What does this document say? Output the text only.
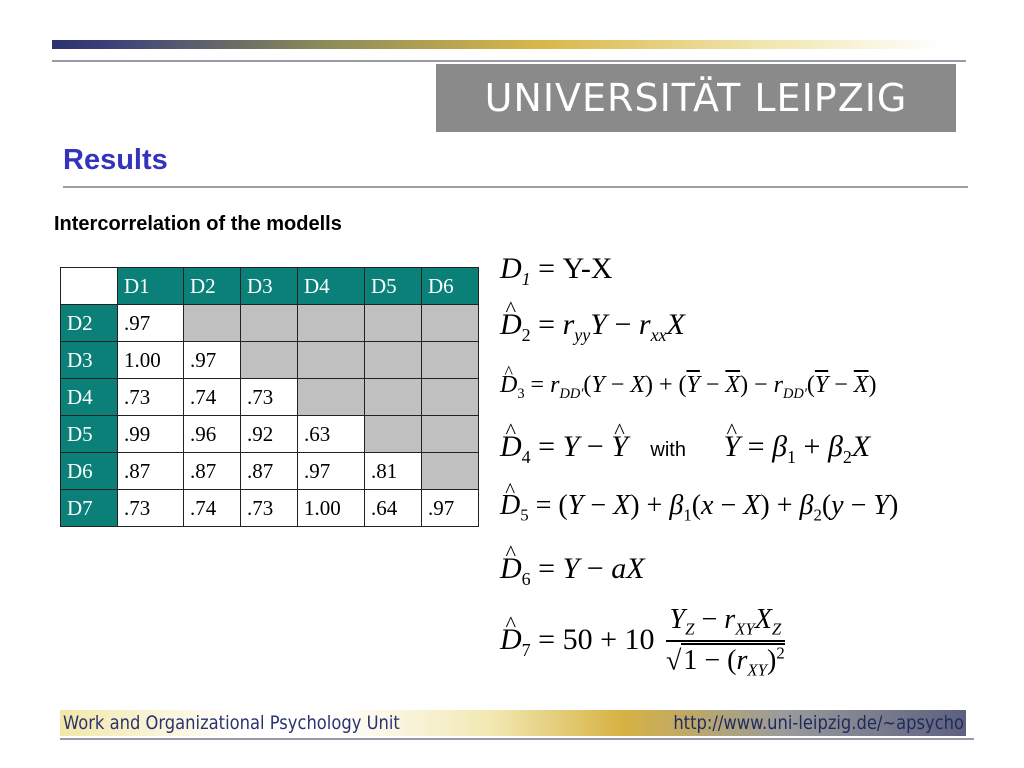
UNIVERSITÄT LEIPZIG
Results
Intercorrelation of the modells
	D1	D2	D3	D4	D5	D6
D2	.97					
D3	1.00	.97				
D4	.73	.74	.73			
D5	.99	.96	.92	.63		
D6	.87	.87	.87	.97	.81	
D7	.73	.74	.73	1.00	.64	.97
$D_1 = Y-X$
^ $D_2 = r_{yy}Y - r_{xx}X$
^ $D_3 = r_{DD'}(Y - X) + (\overline{Y} - \overline{X}) - r_{DD'}(\overline{Y} - \overline{X})$
^ $D_4 = Y$ − ^ Y with ^ $Y = \beta_1 + \beta_2X$
^ $D_5 = (Y - X) + \beta_1(x - X) + \beta_2(y - Y)$
^ $D_6 = Y$ − aX
^ $D_7 = 50 + 10 \frac{Y_Z - r_{XY}X_Z}{√1 - (r_{XY})^2}$
Work and Organizational Psychology Unit	http://www.uni-leipzig.de/~apsycho
